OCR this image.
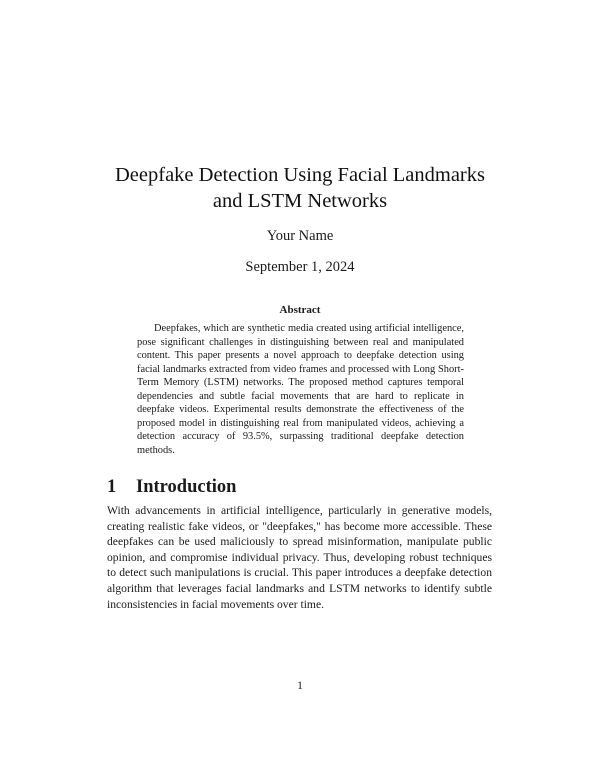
Deepfake Detection Using Facial Landmarks
and LSTM Networks
Your Name
September 1, 2024
Abstract
Deepfakes, which are synthetic media created using artificial intelligence, pose significant challenges in distinguishing between real and manipulated content. This paper presents a novel approach to deepfake detection using facial landmarks extracted from video frames and processed with Long Short-Term Memory (LSTM) networks. The proposed method captures temporal dependencies and subtle facial movements that are hard to replicate in deepfake videos. Experimental results demonstrate the effectiveness of the proposed model in distinguishing real from manipulated videos, achieving a detection accuracy of 93.5%, surpassing traditional deepfake detection methods.
1 Introduction
With advancements in artificial intelligence, particularly in generative models, creating realistic fake videos, or "deepfakes," has become more accessible. These deepfakes can be used maliciously to spread misinformation, manipulate public opinion, and compromise individual privacy. Thus, developing robust techniques to detect such manipulations is crucial. This paper introduces a deepfake detection algorithm that leverages facial landmarks and LSTM networks to identify subtle inconsistencies in facial movements over time.
1
